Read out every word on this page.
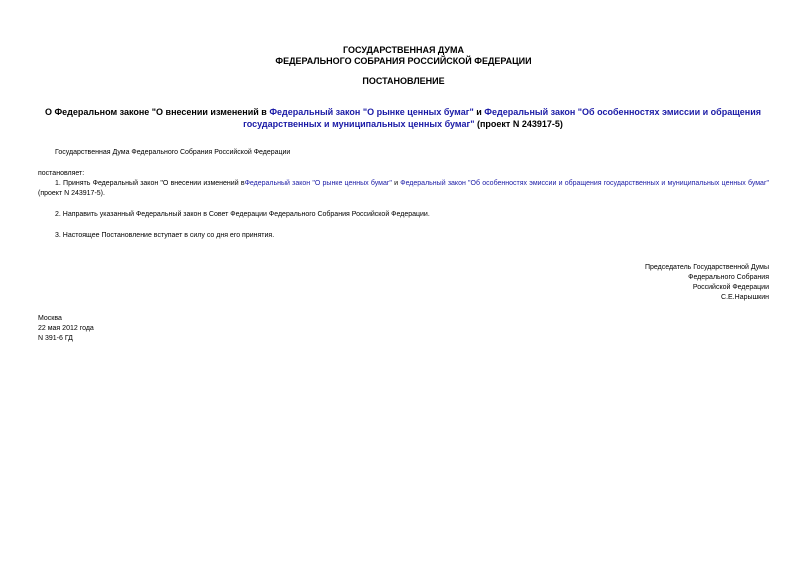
ГОСУДАРСТВЕННАЯ ДУМА
ФЕДЕРАЛЬНОГО СОБРАНИЯ РОССИЙСКОЙ ФЕДЕРАЦИИ
ПОСТАНОВЛЕНИЕ
О Федеральном законе "О внесении изменений в Федеральный закон "О рынке ценных бумаг" и Федеральный закон "Об особенностях эмиссии и обращения государственных и муниципальных ценных бумаг" (проект N 243917-5)
Государственная Дума Федерального Собрания Российской Федерации
постановляет:
1. Принять Федеральный закон "О внесении изменений вФедеральный закон "О рынке ценных бумаг" и Федеральный закон "Об особенностях эмиссии и обращения государственных и муниципальных ценных бумаг" (проект N 243917-5).
2. Направить указанный Федеральный закон в Совет Федерации Федерального Собрания Российской Федерации.
3. Настоящее Постановление вступает в силу со дня его принятия.
Председатель Государственной Думы
Федерального Собрания
Российской Федерации
С.Е.Нарышкин
Москва
22 мая 2012 года
N 391-6 ГД
